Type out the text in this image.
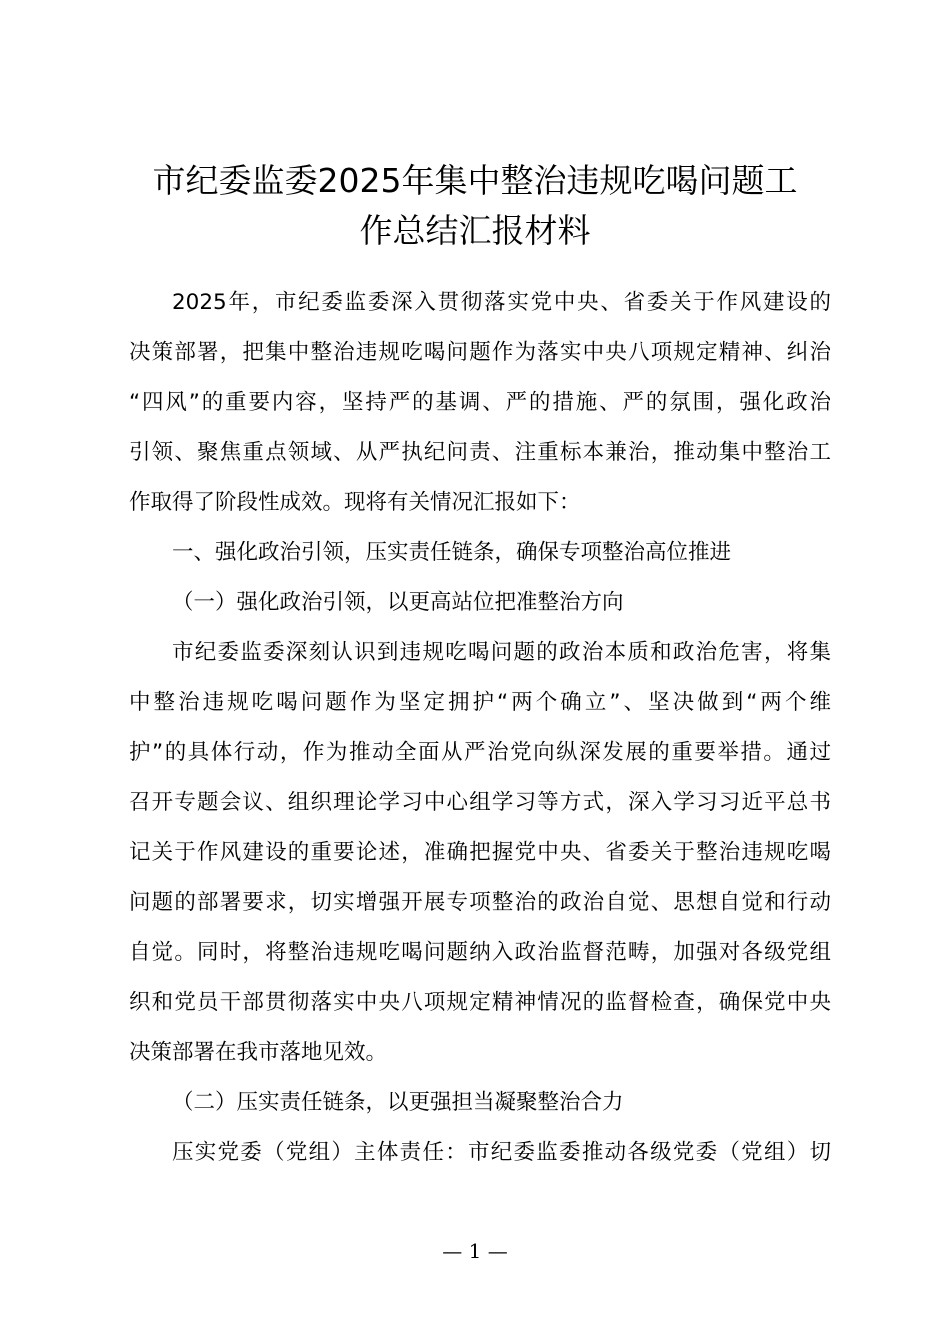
市纪委监委2025年集中整治违规吃喝问题工
作总结汇报材料
2025年，市纪委监委深入贯彻落实党中央、省委关于作风建设的
决策部署，把集中整治违规吃喝问题作为落实中央八项规定精神、纠治
“四风”的重要内容，坚持严的基调、严的措施、严的氛围，强化政治
引领、聚焦重点领域、从严执纪问责、注重标本兼治，推动集中整治工
作取得了阶段性成效。现将有关情况汇报如下：
一、强化政治引领，压实责任链条，确保专项整治高位推进
（一）强化政治引领，以更高站位把准整治方向
市纪委监委深刻认识到违规吃喝问题的政治本质和政治危害，将集
中整治违规吃喝问题作为坚定拥护“两个确立”、坚决做到“两个维
护”的具体行动，作为推动全面从严治党向纵深发展的重要举措。通过
召开专题会议、组织理论学习中心组学习等方式，深入学习习近平总书
记关于作风建设的重要论述，准确把握党中央、省委关于整治违规吃喝
问题的部署要求，切实增强开展专项整治的政治自觉、思想自觉和行动
自觉。同时，将整治违规吃喝问题纳入政治监督范畴，加强对各级党组
织和党员干部贯彻落实中央八项规定精神情况的监督检查，确保党中央
决策部署在我市落地见效。
（二）压实责任链条，以更强担当凝聚整治合力
压实党委（党组）主体责任：市纪委监委推动各级党委（党组）切
— 1 —
